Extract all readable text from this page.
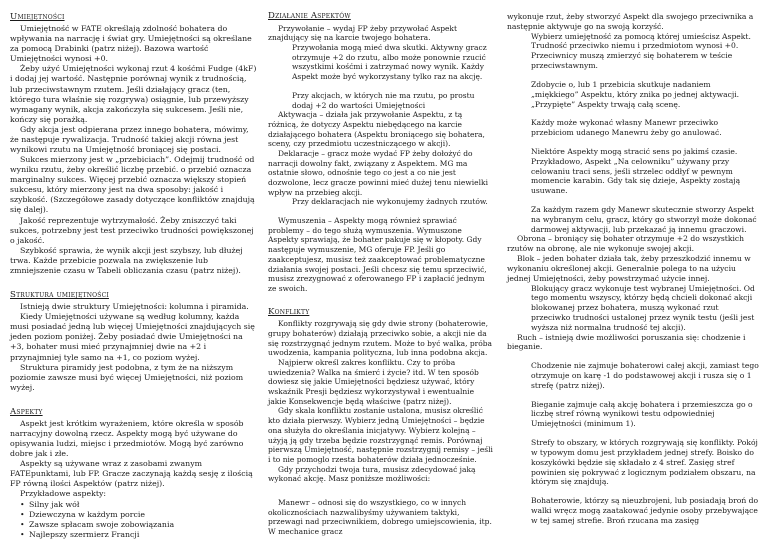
Umiejętności

Umiejętność w FATE określają zdolność bohatera do wpływania na narrację i świat gry. Umiejętności są określane za pomocą Drabinki (patrz niżej). Bazowa wartość Umiejętności wynosi +0.

Żeby użyć Umiejętności wykonaj rzut 4 kośćmi Fudge (4kF) i dodaj jej wartość. Następnie porównaj wynik z trudnością, lub przeciwstawnym rzutem. Jeśli działający gracz (ten, którego tura właśnie się rozgrywa) osiągnie, lub przewyższy wymagany wynik, akcja zakończyła się sukcesem. Jeśli nie, kończy się porażką.

Gdy akcja jest odpierana przez innego bohatera, mówimy, że następuje rywalizacja. Trudność takiej akcji równa jest wynikowi rzutu na Umiejętność broniącej się postaci.

Sukces mierzony jest w „przebiciach”. Odejmij trudność od wyniku rzutu, żeby określić liczbę przebić. o przebić oznacza marginalny sukces. Więcej przebić oznacza większy stopień sukcesu, który mierzony jest na dwa sposoby: jakość i szybkość. (Szczegółowe zasady dotyczące konfliktów znajdują się dalej).

Jakość reprezentuje wytrzymałość. Żeby zniszczyć taki sukces, potrzebny jest test przeciwko trudności powiększonej o jakość.

Szybkość sprawia, że wynik akcji jest szybszy, lub dłużej trwa. Każde przebicie pozwala na zwiększenie lub zmniejszenie czasu w Tabeli obliczania czasu (patrz niżej).

Struktura umiejętności

Istnieją dwie struktury Umiejętności: kolumna i piramida.

Kiedy Umiejętności używane są według kolumny, każda musi posiadać jedną lub więcej Umiejętności znajdujących się jeden poziom poniżej. Żeby posiadać dwie Umiejętności na +3, bohater musi mieć przynajmniej dwie na +2 i przynajmniej tyle samo na +1, co poziom wyżej.

Struktura piramidy jest podobna, z tym że na niższym poziomie zawsze musi być więcej Umiejętności, niż poziom wyżej.

Aspekty

Aspekt jest krótkim wyrażeniem, które określa w sposób narracyjny dowolną rzecz. Aspekty mogą być używane do opisywania ludzi, miejsc i przedmiotów. Mogą być zarówno dobre jak i złe.

Aspekty są używane wraz z zasobami zwanym FATEpunktami, lub FP. Gracze zaczynają każdą sesję z ilością FP równą ilości Aspektów (patrz niżej).

Przykładowe aspekty:

• Silny jak wół
• Dziewczyna w każdym porcie
• Zawsze spłacam swoje zobowiązania
• Najlepszy szermierz Francji
Działanie Aspektów

Przywołanie – wydaj FP żeby przywołać Aspekt znajdujący się na karcie twojego bohatera.

Przywołania mogą mieć dwa skutki. Aktywny gracz otrzymuje +2 do rzutu, albo może ponownie rzucić wszystkimi kośćmi i zatrzymać nowy wynik. Każdy Aspekt może być wykorzystany tylko raz na akcję.

Przy akcjach, w których nie ma rzutu, po prostu dodaj +2 do wartości Umiejętności

Aktywacja – działa jak przywołanie Aspektu, z tą różnicą, że dotyczy Aspektu niebędącego na karcie działającego bohatera (Aspektu broniącego się bohatera, sceny, czy przedmiotu uczestniczącego w akcji).

Deklaracje – gracz może wydać FP żeby dołożyć do narracji dowolny fakt, związany z Aspektem. MG ma ostatnie słowo, odnośnie tego co jest a co nie jest dozwolone, lecz gracze powinni mieć dużej tenu niewielki wpływ na przebieg akcji.

Przy deklaracjach nie wykonujemy żadnych rzutów.

Wymuszenia – Aspekty mogą również sprawiać problemy – do tego służą wymuszenia. Wymuszone Aspekty sprawiają, że bohater pakuje się w kłopoty. Gdy następuje wymuszenie, MG oferuje FP. Jeśli go zaakceptujesz, musisz też zaakceptować problematyczne działania swojej postaci. Jeśli chcesz się temu sprzeciwić, musisz zrezygnować z oferowanego FP i zapłacić jednym ze swoich.

Konflikty

Konflikty rozgrywają się gdy dwie strony (bohaterowie, grupy bohaterów) działają przeciwko sobie, a akcji nie da się rozstrzygnąć jednym rzutem. Może to być walka, próba uwodzenia, kampania polityczna, lub inna podobna akcja.

Najpierw określ zakres konfliktu. Czy to próba uwiedzenia? Walka na śmierć i życie? itd. W ten sposób dowiesz się jakie Umiejętności będziesz używać, który wskaźnik Presji będziesz wykorzystywał i ewentualnie jakie Konsekwencje będą właściwe (patrz niżej).

Gdy skala konfliktu zostanie ustalona, musisz określić kto działa pierwszy. Wybierz jedną Umiejętności – będzie ona służyła do określania inicjatywy. Wybierz kolejną – użyją ją gdy trzeba będzie rozstrzygnąć remis. Porównaj pierwszą Umiejętność, następnie rozstrzygnij remisy – jeśli i to nie pomoglo rzesta bohaterów działa jednocześnie.

Gdy przychodzi twoja tura, musisz zdecydować jaką wykonać akcję. Masz poniższe możliwości:

Manewr – odnosi się do wszystkiego, co w innych okolicznościach nazwalibyśmy używaniem taktyki, przewagi nad przeciwnikiem, dobrego umiejscowienia, itp. W mechanice gracz

wykonuje rzut, żeby stworzyć Aspekt dla swojego przeciwnika a następnie aktywuje go na swoją korzyść.

Wybierz umiejętność za pomocą której umieścisz Aspekt. Trudność przeciwko niemu i przedmiotom wynosi +0. Przeciwnicy muszą zmierzyć się bohaterem w teście przeciwstawnym.

Zdobycie o, lub 1 przebicia skutkuje nadaniem „miękkiego” Aspektu, który znika po jednej aktywacji. „Przypięte” Aspekty trwają całą scenę.

Każdy może wykonać własny Manewr przeciwko przebiciom udanego Manewru żeby go anulować.

Niektóre Aspekty mogą stracić sens po jakimś czasie. Przykładowo, Aspekt „Na celowniku” używany przy celowaniu traci sens, jeśli strzelec oddłyf w pewnym momencie karabin. Gdy tak się dzieje, Aspekty zostają usuwane.

Za każdym razem gdy Manewr skutecznie stworzy Aspekt na wybranym celu, gracz, który go stworzył może dokonać darmowej aktywacji, lub przekazać ją innemu graczowi.

Obrona – broniący się bohater otrzymuje +2 do wszystkich rzutów na obronę, ale nie wykonuje swojej akcji.

Blok – jeden bohater działa tak, żeby przeszkodzić innemu w wykonaniu określonej akcji. Generalnie polega to na użyciu jednej Umiejętności, żeby powstrzymać użycie innej.

Blokujący gracz wykonuje test wybranej Umiejętności. Od tego momentu wszyscy, którzy będą chcieli dokonać akcji blokowanej przez bohatera, muszą wykonać rzut przeciwko trudności ustalonej przez wynik testu (jeśli jest wyższa niż normalna trudność tej akcji).

Ruch – istnieją dwie możliwości poruszania się: chodzenie i bieganie.

Chodzenie nie zajmuje bohaterowi całej akcji, zamiast tego otrzymuje on karę -1 do podstawowej akcji i rusza się o 1 strefę (patrz niżej).

Bieganie zajmuje całą akcję bohatera i przemieszcza go o liczbę stref równą wynikowi testu odpowiedniej Umiejętności (minimum 1).

Strefy to obszary, w których rozgrywają się konflikty. Pokój w typowym domu jest przykładem jednej strefy. Boisko do koszykówki będzie się składało z 4 stref. Zasięg stref powinien się pokrywać z logicznym podziałem obszaru, na którym się znajdują.

Bohaterowie, którzy są nieuzbrojeni, lub posiadają broń do walki wręcz mogą zaatakować jedynie osoby przebywające w tej samej strefie. Broń rzucana ma zasięg
